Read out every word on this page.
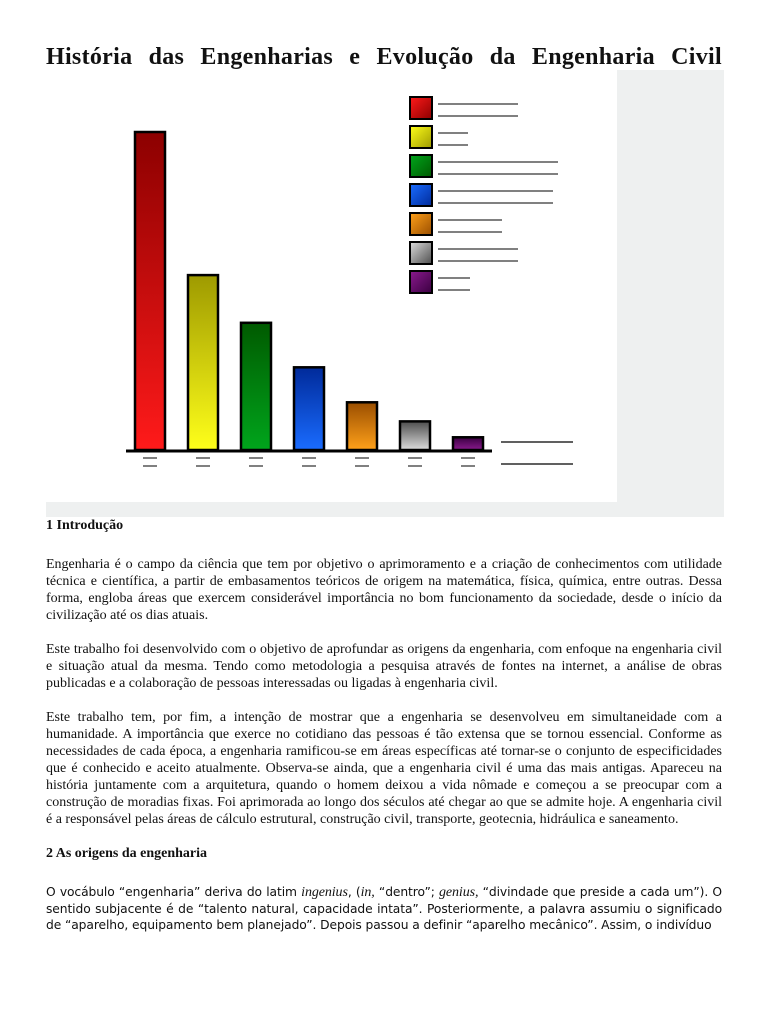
História das Engenharias e Evolução da Engenharia Civil
1 Introdução

Engenharia é o campo da ciência que tem por objetivo o aprimoramento e a criação de conhecimentos com utilidade técnica e científica, a partir de embasamentos teóricos de origem na matemática, física, química, entre outras. Dessa forma, engloba áreas que exercem considerável importância no bom funcionamento da sociedade, desde o início da civilização até os dias atuais.

Este trabalho foi desenvolvido com o objetivo de aprofundar as origens da engenharia, com enfoque na engenharia civil e situação atual da mesma. Tendo como metodologia a pesquisa através de fontes na internet, a análise de obras publicadas e a colaboração de pessoas interessadas ou ligadas à engenharia civil.

Este trabalho tem, por fim, a intenção de mostrar que a engenharia se desenvolveu em simultaneidade com a humanidade. A importância que exerce no cotidiano das pessoas é tão extensa que se tornou essencial. Conforme as necessidades de cada época, a engenharia ramificou-se em áreas específicas até tornar-se o conjunto de especificidades que é conhecido e aceito atualmente. Observa-se ainda, que a engenharia civil é uma das mais antigas. Apareceu na história juntamente com a arquitetura, quando o homem deixou a vida nômade e começou a se preocupar com a construção de moradias fixas. Foi aprimorada ao longo dos séculos até chegar ao que se admite hoje. A engenharia civil é a responsável pelas áreas de cálculo estrutural, construção civil, transporte, geotecnia, hidráulica e saneamento.

2 As origens da engenharia

O vocábulo “engenharia” deriva do latim ingenius, (in, “dentro”; genius, “divindade que preside a cada um”). O sentido subjacente é de “talento natural, capacidade intata”. Posteriormente, a palavra assumiu o significado de “aparelho, equipamento bem planejado”. Depois passou a definir “aparelho mecânico”. Assim, o indivíduo
